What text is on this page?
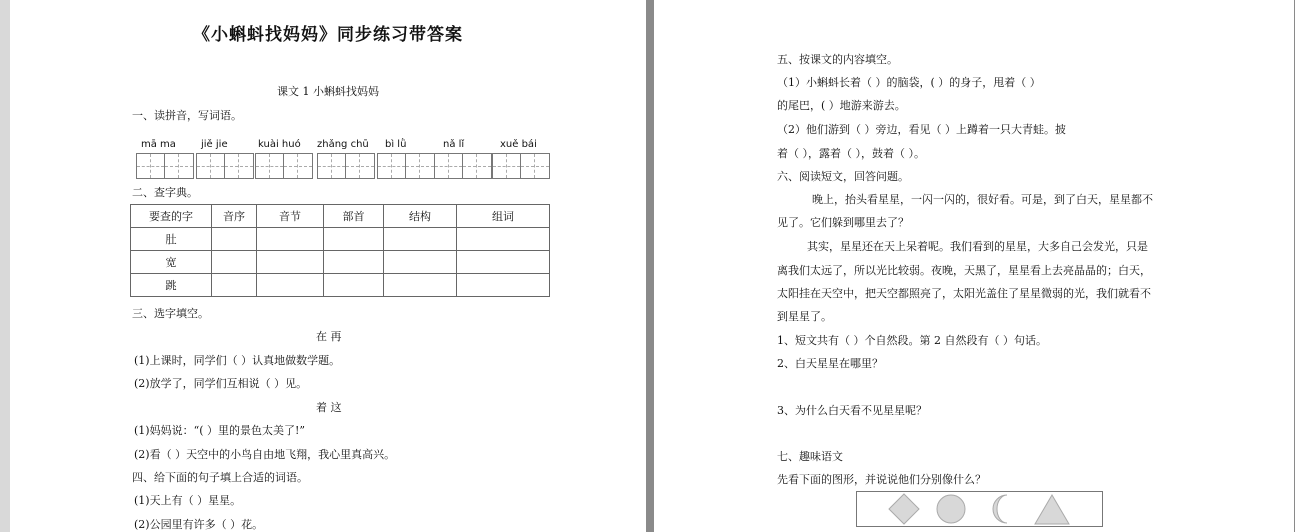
《小蝌蚪找妈妈》同步练习带答案
课文 1 小蝌蚪找妈妈
一、读拼音，写词语。
mā ma	jiě jie	kuài huó zhǎng chū bì lǜ	nǎ lǐ	xuě bái
二、查字典。
要查的字	音序	音节	部首	结构	组词
肚					
宽					
跳					
三、选字填空。
在 再
(1)上课时，同学们（ ）认真地做数学题。
(2)放学了，同学们互相说（ ）见。
着 这
(1)妈妈说：“( ）里的景色太美了!”
(2)看（ ）天空中的小鸟自由地飞翔，我心里真高兴。
四、给下面的句子填上合适的词语。
(1)天上有（ ）星星。
(2)公园里有许多（ ）花。
五、按课文的内容填空。
（1）小蝌蚪长着（ ）的脑袋，( ）的身子，甩着（ ）
的尾巴，( ）地游来游去。
（2）他们游到（ ）旁边，看见（ ）上蹲着一只大青蛙。披
着（ ），露着（ ），鼓着（ ）。
六、阅读短文，回答问题。
晚上，抬头看星星，一闪一闪的，很好看。可是，到了白天，星星都不
见了。它们躲到哪里去了？
其实，星星还在天上呆着呢。我们看到的星星，大多自己会发光，只是
离我们太远了，所以光比较弱。夜晚，天黑了，星星看上去亮晶晶的；白天，
太阳挂在天空中，把天空都照亮了，太阳光盖住了星星微弱的光，我们就看不
到星星了。
1、短文共有（ ）个自然段。第 2 自然段有（ ）句话。
2、白天星星在哪里？
3、为什么白天看不见星星呢？
七、趣味语文
先看下面的图形，并说说他们分别像什么？
